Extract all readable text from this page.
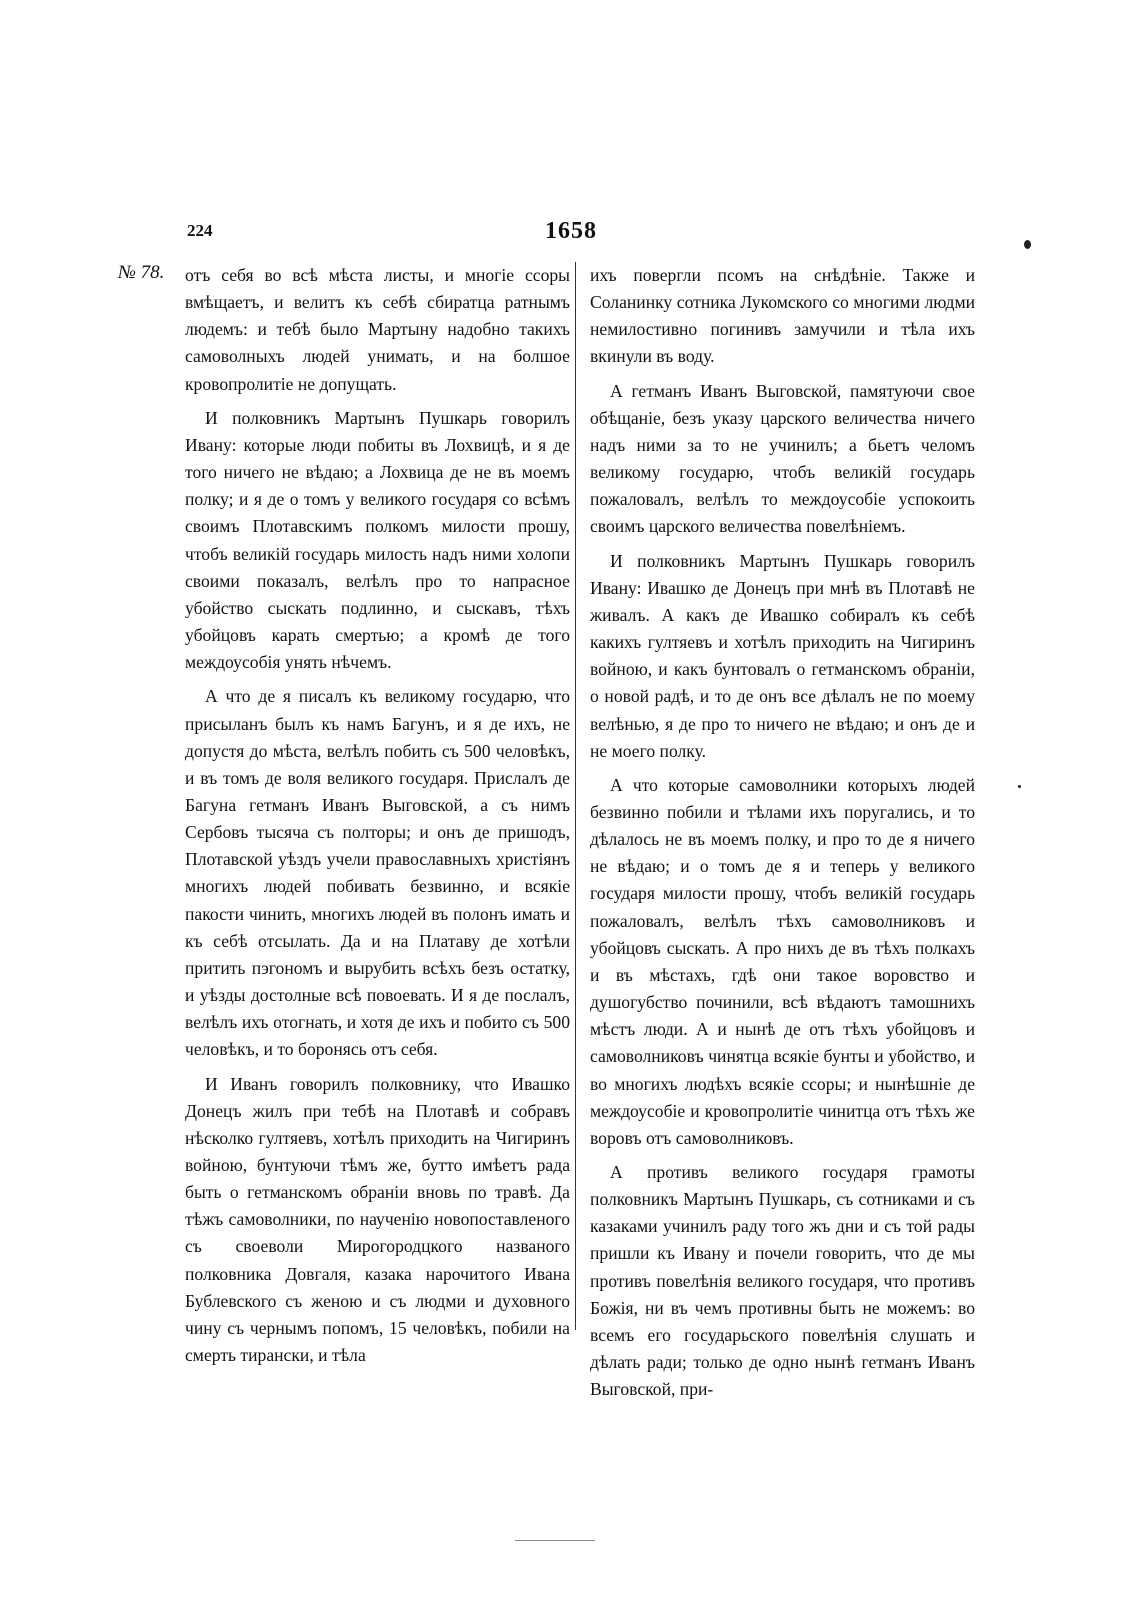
224	1658
№ 78. отъ себя во всѣ мѣста листы, и многіе ссоры вмѣщаетъ, и велитъ къ себѣ сбиратца ратнымъ людемъ: и тебѣ было Мартыну надобно такихъ самоволныхъ людей унимать, и на болшое кровопролитіе не допущать.

И полковникъ Мартынъ Пушкарь говорилъ Ивану: которые люди побиты въ Лохвицѣ, и я де того ничего не вѣдаю; а Лохвица де не въ моемъ полку; и я де о томъ у великого государя со всѣмъ своимъ Плотавскимъ полкомъ милости прошу, чтобъ великій государь милость надъ ними холопи своими показалъ, велѣлъ про то напрасное убойство сыскать подлинно, и сыскавъ, тѣхъ убойцовъ карать смертью; а кромѣ де того междоусобія унять нѣчемъ.

А что де я писалъ къ великому государю, что присыланъ былъ къ намъ Багунъ, и я де ихъ, не допустя до мѣста, велѣлъ побить съ 500 человѣкъ, и въ томъ де воля великого государя. Прислалъ де Багуна гетманъ Иванъ Выговской, а съ нимъ Сербовъ тысяча съ полторы; и онъ де пришодъ, Плотавской уѣздъ учели православныхъ христіянъ многихъ людей побивать безвинно, и всякіе пакости чинить, многихъ людей въ полонъ имать и къ себѣ отсылать. Да и на Платаву де хотѣли притить пэгономъ и вырубить всѣхъ безъ остатку, и уѣзды достолные всѣ повоевать. И я де послалъ, велѣлъ ихъ отогнать, и хотя де ихъ и побито съ 500 человѣкъ, и то боронясь отъ себя.

И Иванъ говорилъ полковнику, что Ивашко Донецъ жилъ при тебѣ на Плотавѣ и собравъ нѣсколко гултяевъ, хотѣлъ приходить на Чигиринъ войною, бунтуючи тѣмъ же, бутто имѣетъ рада быть о гетманскомъ обраніи вновь по травѣ. Да тѣжъ самоволники, по наученію новопоставленого съ своеволи Мирогородцкого названого полковника Довгаля, казака нарочитого Ивана Бублевского съ женою и съ людми и духовного чину съ чернымъ попомъ, 15 человѣкъ, побили на смерть тирански, и тѣла

ихъ повергли псомъ на снѣдѣніе. Также и Соланинку сотника Лукомского со многими людми немилостивно погинивъ замучили и тѣла ихъ вкинули въ воду.

А гетманъ Иванъ Выговской, памятуючи свое обѣщаніе, безъ указу царского величества ничего надъ ними за то не учинилъ; а бьетъ челомъ великому государю, чтобъ великій государь пожаловалъ, велѣлъ то междоусобіе успокоить своимъ царского величества повелѣніемъ.

И полковникъ Мартынъ Пушкарь говорилъ Ивану: Ивашко де Донецъ при мнѣ въ Плотавѣ не живалъ. А какъ де Ивашко собиралъ къ себѣ какихъ гултяевъ и хотѣлъ приходить на Чигиринъ войною, и какъ бунтовалъ о гетманскомъ обраніи, о новой радѣ, и то де онъ все дѣлалъ не по моему велѣнью, я де про то ничего не вѣдаю; и онъ де и не моего полку.

А что которые самоволники которыхъ людей безвинно побили и тѣлами ихъ поругались, и то дѣлалось не въ моемъ полку, и про то де я ничего не вѣдаю; и о томъ де я и теперь у великого государя милости прошу, чтобъ великій государь пожаловалъ, велѣлъ тѣхъ самоволниковъ и убойцовъ сыскать. А про нихъ де въ тѣхъ полкахъ и въ мѣстахъ, гдѣ они такое воровство и душогубство починили, всѣ вѣдаютъ тамошнихъ мѣстъ люди. А и нынѣ де отъ тѣхъ убойцовъ и самоволниковъ чинятца всякіе бунты и убойство, и во многихъ людѣхъ всякіе ссоры; и нынѣшніе де междоусобіе и кровопролитіе чинитца отъ тѣхъ же воровъ отъ самоволниковъ.

А противъ великого государя грамоты полковникъ Мартынъ Пушкарь, съ сотниками и съ казаками учинилъ раду того жъ дни и съ той рады пришли къ Ивану и почели говорить, что де мы противъ повелѣнія великого государя, что противъ Божія, ни въ чемъ противны быть не можемъ: во всемъ его государьского повелѣнія слушать и дѣлать ради; только де одно нынѣ гетманъ Иванъ Выговской, при-
